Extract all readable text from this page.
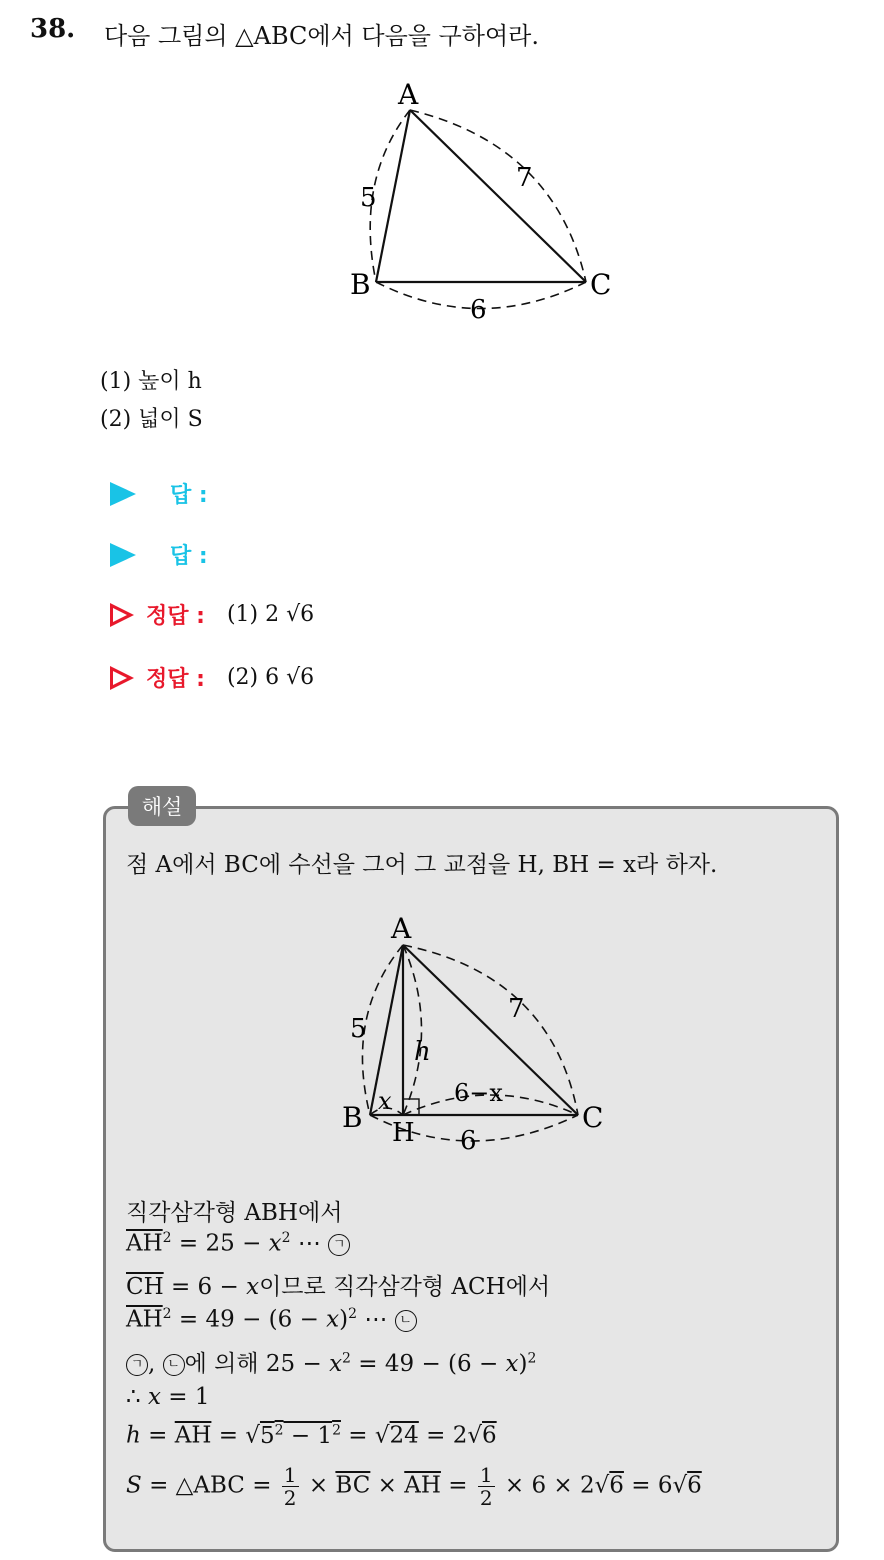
38. 다음 그림의 △ABC에서 다음을 구하여라.
A
B	C
5
7
6
(1) 높이 h
(2) 넓이 S
답 :
답 :
정답 : (1) 2 √6
정답 : (2) 6 √6
해설
점 A에서 BC에 수선을 그어 그 교점을 H, BH = x라 하자.
A
B	C
H
5
7
6
h
x	6−x
직각삼각형 ABH에서
$\overline{AH}^2 = 25 - x^2$ ⋯ ㄱ
$\overline{CH} = 6 - x$이므로 직각삼각형 ACH에서
$\overline{AH}^2 = 49 - (6 - x)^2$ ⋯ ㄴ
ㄱ , ㄴ 에 의해 $25 - x^2 = 49 - (6 - x)^2$
∴ x = 1
$h = \overline{AH} = √5^2 - 1^2 = √24 = 2√6$
S = △ABC = $\frac{1}{2} \times \overline{BC} \times \overline{AH} = \frac{1}{2} \times 6 \times 2√6 = 6√6$
